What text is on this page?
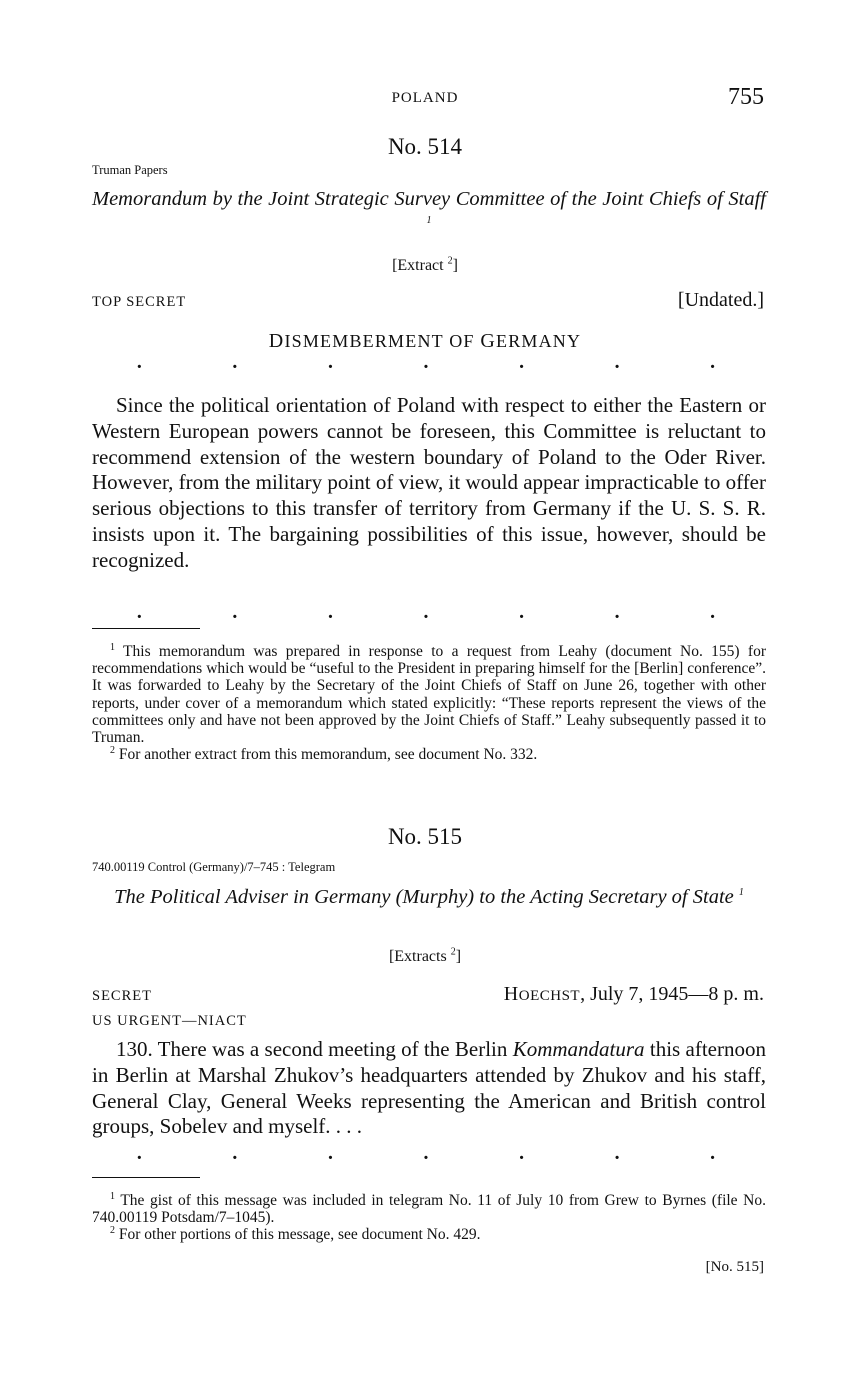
POLAND	755
No. 514
Truman Papers
Memorandum by the Joint Strategic Survey Committee of the Joint Chiefs of Staff $^1$
[Extract $^2$]
TOP SECRET	[Undated.]
DISMEMBERMENT OF GERMANY
·	·	·	·	·	·	·
Since the political orientation of Poland with respect to either the Eastern or Western European powers cannot be foreseen, this Committee is reluctant to recommend extension of the western boundary of Poland to the Oder River. However, from the military point of view, it would appear impracticable to offer serious objections to this transfer of territory from Germany if the U. S. S. R. insists upon it. The bargaining possibilities of this issue, however, should be recognized.
·	·	·	·	·	·	·

$^1$ This memorandum was prepared in response to a request from Leahy (document No. 155) for recommendations which would be “useful to the President in preparing himself for the [Berlin] conference”. It was forwarded to Leahy by the Secretary of the Joint Chiefs of Staff on June 26, together with other reports, under cover of a memorandum which stated explicitly: “These reports represent the views of the committees only and have not been approved by the Joint Chiefs of Staff.” Leahy subsequently passed it to Truman.

$^2$ For another extract from this memorandum, see document No. 332.

No. 515
740.00119 Control (Germany)/7–745 : Telegram
The Political Adviser in Germany (Murphy) to the Acting Secretary of State $^1$
[Extracts $^2$]
SECRET	HOECHST, July 7, 1945—8 p. m.
US URGENT—NIACT
130. There was a second meeting of the Berlin Kommandatura this afternoon in Berlin at Marshal Zhukov’s headquarters attended by Zhukov and his staff, General Clay, General Weeks representing the American and British control groups, Sobelev and myself. . . .
·	·	·	·	·	·	·

$^1$ The gist of this message was included in telegram No. 11 of July 10 from Grew to Byrnes (file No. 740.00119 Potsdam/7–1045).

$^2$ For other portions of this message, see document No. 429.

[No. 515]
